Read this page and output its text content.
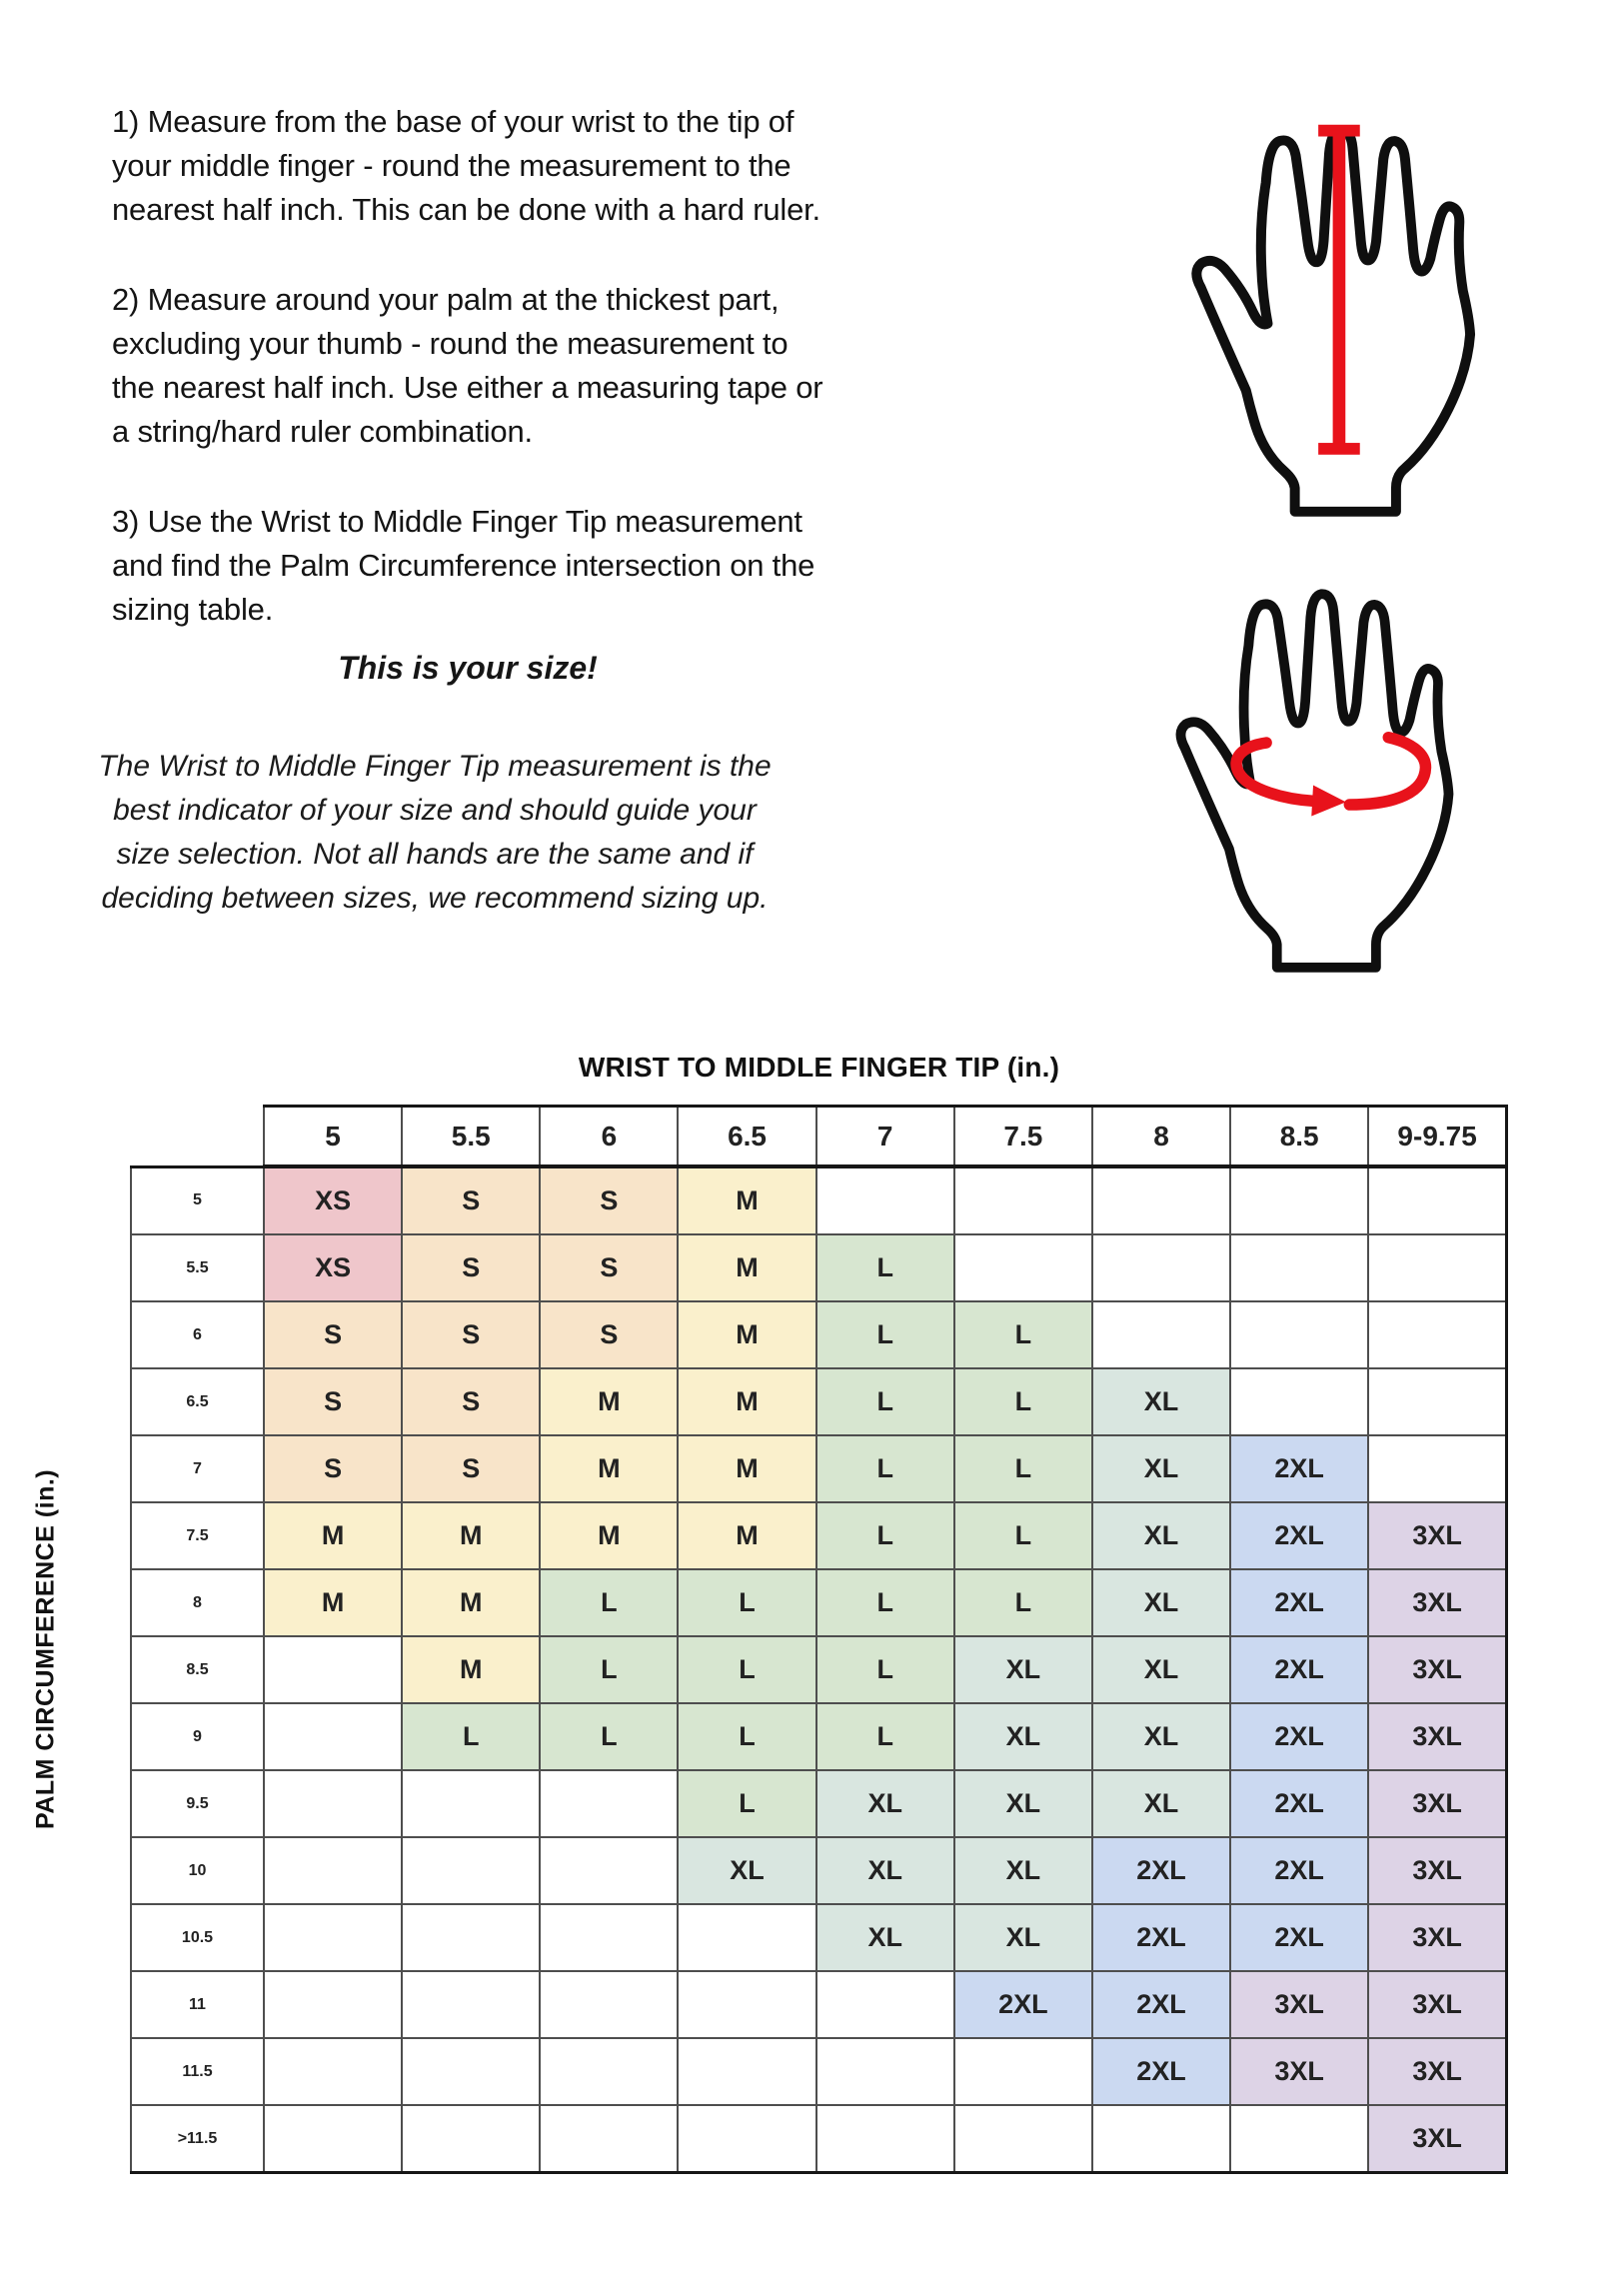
1) Measure from the base of your wrist to the tip of your middle finger - round the measurement to the nearest half inch. This can be done with a hard ruler.

2) Measure around your palm at the thickest part, excluding your thumb - round the measurement to the nearest half inch. Use either a measuring tape or a string/hard ruler combination.

3) Use the Wrist to Middle Finger Tip measurement and find the Palm Circumference intersection on the sizing table.

This is your size!

The Wrist to Middle Finger Tip measurement is the best indicator of your size and should guide your size selection. Not all hands are the same and if deciding between sizes, we recommend sizing up.
WRIST TO MIDDLE FINGER TIP (in.)
PALM CIRCUMFERENCE (in.)
	5	5.5	6	6.5	7	7.5	8	8.5	9-9.75
5	XS	S	S	M					
5.5	XS	S	S	M	L				
6	S	S	S	M	L	L			
6.5	S	S	M	M	L	L	XL		
7	S	S	M	M	L	L	XL	2XL	
7.5	M	M	M	M	L	L	XL	2XL	3XL
8	M	M	L	L	L	L	XL	2XL	3XL
8.5		M	L	L	L	XL	XL	2XL	3XL
9		L	L	L	L	XL	XL	2XL	3XL
9.5				L	XL	XL	XL	2XL	3XL
10				XL	XL	XL	2XL	2XL	3XL
10.5					XL	XL	2XL	2XL	3XL
11						2XL	2XL	3XL	3XL
11.5							2XL	3XL	3XL
>11.5									3XL
